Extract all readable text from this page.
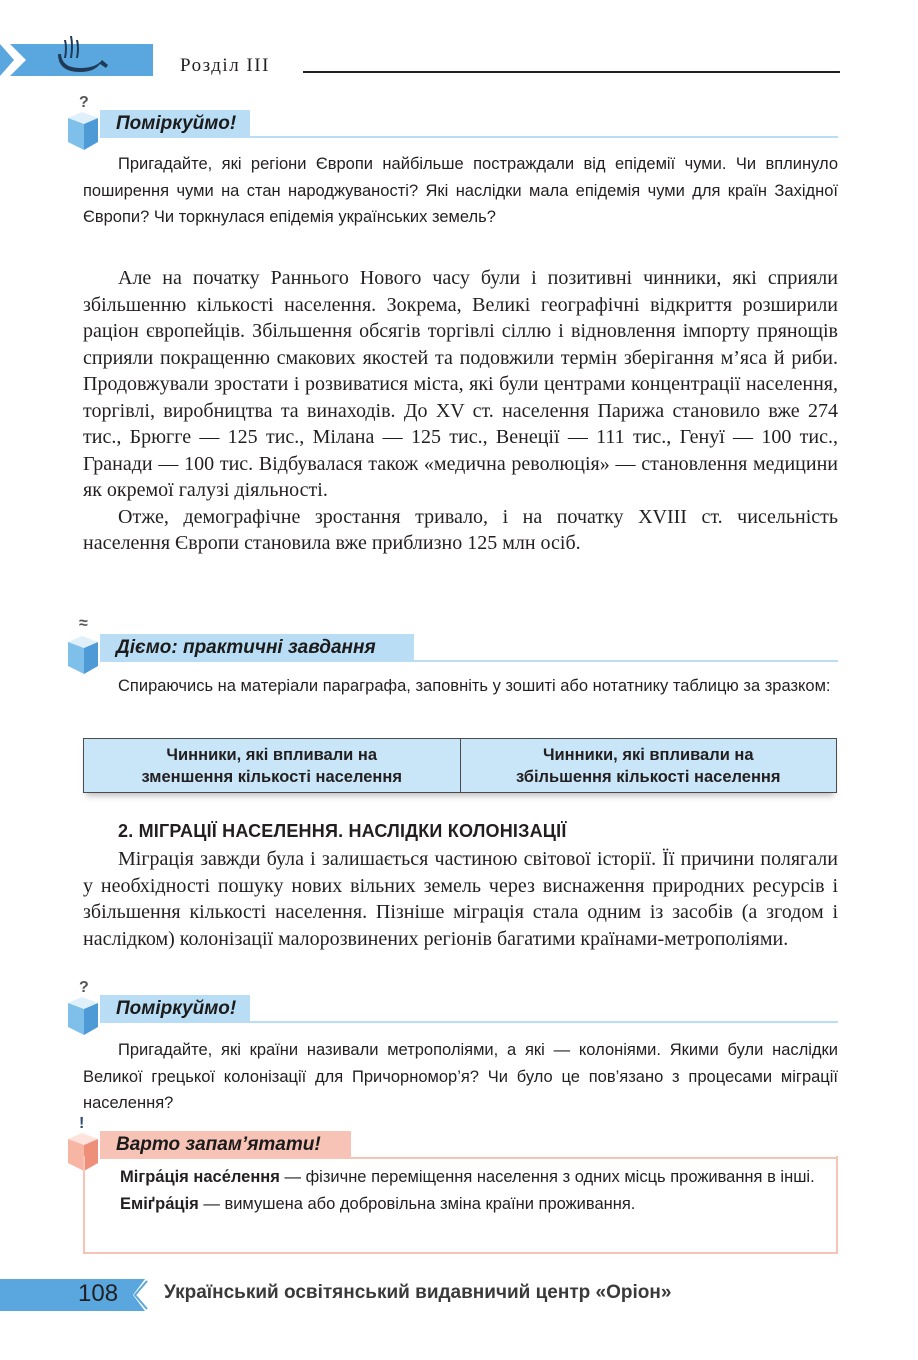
Розділ III
?
Поміркуймо!

Пригадайте, які регіони Європи найбільше постраждали від епідемії чуми. Чи вплинуло поширення чуми на стан народжуваності? Які наслідки мала епідемія чуми для країн Західної Європи? Чи торкнулася епідемія українських земель?

Але на початку Раннього Нового часу були і позитивні чинники, які сприяли збільшенню кількості населення. Зокрема, Великі географічні відкриття розширили раціон європейців. Збільшення обсягів торгівлі сіллю і відновлення імпорту прянощів сприяли покращенню смакових якостей та подовжили термін зберігання м’яса й риби. Продовжували зростати і розвиватися міста, які були центрами концентрації населення, торгівлі, виробництва та винаходів. До XV ст. населення Парижа становило вже 274 тис., Брюгге — 125 тис., Мілана — 125 тис., Венеції — 111 тис., Генуї — 100 тис., Гранади — 100 тис. Відбувалася також «медична революція» — становлення медицини як окремої галузі діяльності.

Отже, демографічне зростання тривало, і на початку XVIII ст. чисельність населення Європи становила вже приблизно 125 млн осіб.

≈
Діємо: практичні завдання

Спираючись на матеріали параграфа, заповніть у зошиті або нотатнику таблицю за зразком:

Чинники, які впливали на
зменшення кількості населення
Чинники, які впливали на
збільшення кількості населення
2. МІГРАЦІЇ НАСЕЛЕННЯ. НАСЛІДКИ КОЛОНІЗАЦІЇ

Міграція завжди була і залишається частиною світової історії. Її причини полягали у необхідності пошуку нових вільних земель через виснаження природних ресурсів і збільшення кількості населення. Пізніше міграція стала одним із засобів (а згодом і наслідком) колонізації малорозвинених регіонів багатими країнами-метрополіями.

?
Поміркуймо!

Пригадайте, які країни називали метрополіями, а які — колоніями. Якими були наслідки Великої грецької колонізації для Причорномор’я? Чи було це пов’язано з процесами міграції населення?

!
Варто запам’ятати!

Мігра́ція насе́лення — фізичне переміщення населення з одних місць проживання в інші.

Еміґра́ція — вимушена або добровільна зміна країни проживання.

108 Український освітянський видавничий центр «Оріон»
